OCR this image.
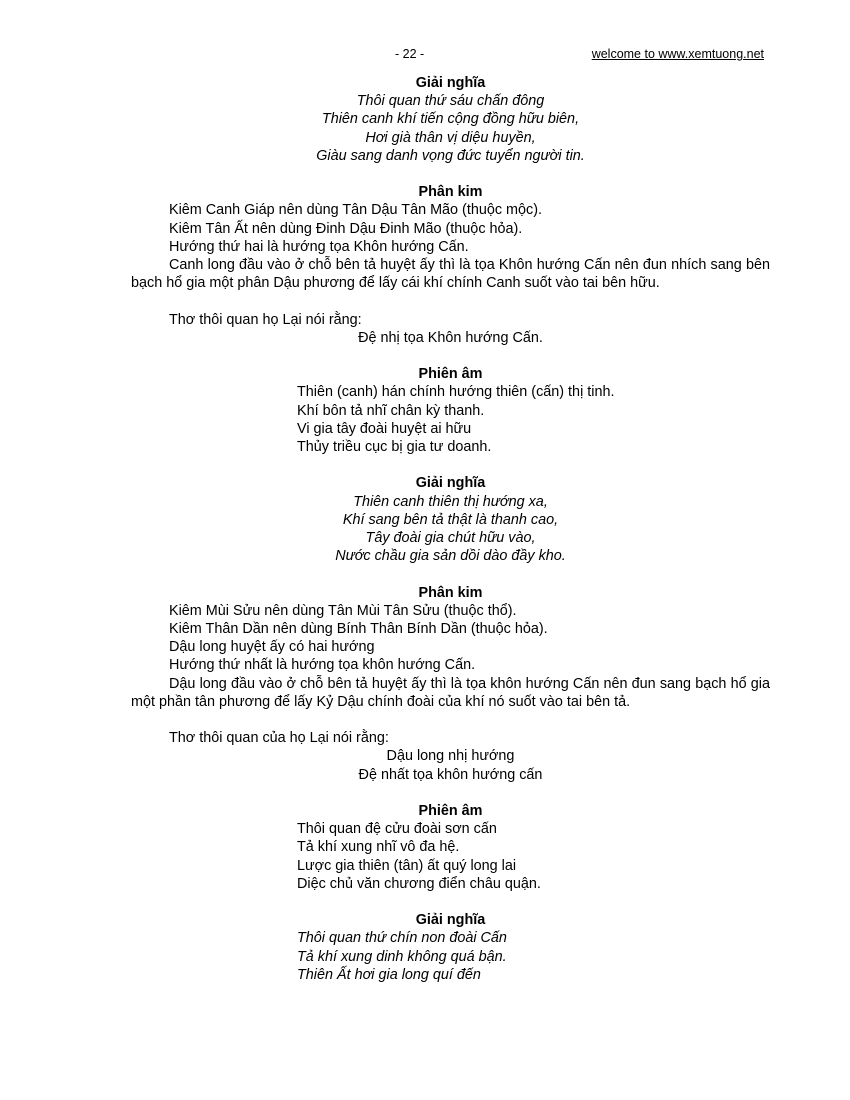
- 22 -	welcome to www.xemtuong.net
Giải nghĩa
Thôi quan thứ sáu chấn đông
Thiên canh khí tiến cộng đồng hữu biên,
Hơi già thân vị diệu huyền,
Giàu sang danh vọng đức tuyển người tin.
Phân kim
Kiêm Canh Giáp nên dùng Tân Dậu Tân Mão (thuộc mộc).
Kiêm Tân Ất nên dùng Đinh Dậu Đinh Mão (thuộc hỏa).
Hướng thứ hai là hướng tọa Khôn hướng Cấn.

Canh long đầu vào ở chỗ bên tả huyệt ấy thì là tọa Khôn hướng Cấn nên đun nhích sang bên bạch hổ gia một phân Dậu phương để lấy cái khí chính Canh suốt vào tai bên hữu.

Thơ thôi quan họ Lại nói rằng:
Đệ nhị tọa Khôn hướng Cấn.
Phiên âm
Thiên (canh) hán chính hướng thiên (cấn) thị tinh.
Khí bôn tả nhĩ chân kỳ thanh.
Vi gia tây đoài huyệt ai hữu
Thủy triều cục bị gia tư doanh.
Giải nghĩa
Thiên canh thiên thị hướng xa,
Khí sang bên tả thật là thanh cao,
Tây đoài gia chút hữu vào,
Nước chầu gia sản dồi dào đầy kho.
Phân kim
Kiêm Mùi Sửu nên dùng Tân Mùi Tân Sửu (thuộc thổ).
Kiêm Thân Dần nên dùng Bính Thân Bính Dần (thuộc hỏa).
Dậu long huyệt ấy có hai hướng
Hướng thứ nhất là hướng tọa khôn hướng Cấn.

Dậu long đầu vào ở chỗ bên tả huyệt ấy thì là tọa khôn hướng Cấn nên đun sang bạch hổ gia một phần tân phương để lấy Kỷ Dậu chính đoài của khí nó suốt vào tai bên tả.

Thơ thôi quan của họ Lại nói rằng:
Dậu long nhị hướng
Đệ nhất tọa khôn hướng cấn
Phiên âm
Thôi quan đệ cửu đoài sơn cấn
Tả khí xung nhĩ vô đa hệ.
Lược gia thiên (tân) ất quý long lai
Diệc chủ văn chương điển châu quận.
Giải nghĩa
Thôi quan thứ chín non đoài Cấn
Tả khí xung dinh không quá bận.
Thiên Ất hơi gia long quí đến
